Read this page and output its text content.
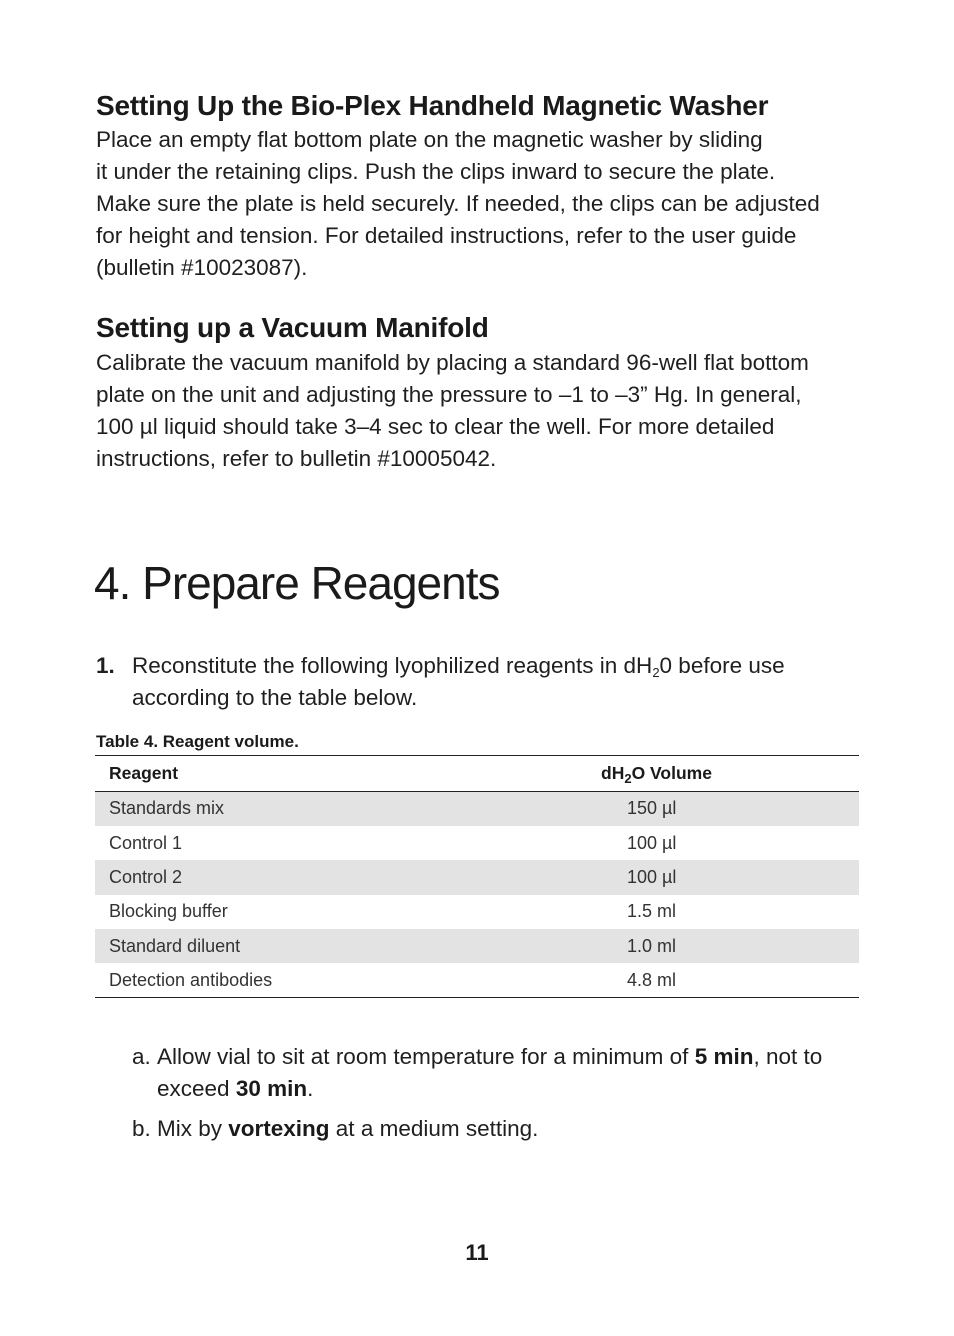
Setting Up the Bio-Plex Handheld Magnetic Washer

Place an empty flat bottom plate on the magnetic washer by sliding
it under the retaining clips. Push the clips inward to secure the plate.
Make sure the plate is held securely. If needed, the clips can be adjusted
for height and tension. For detailed instructions, refer to the user guide
(bulletin #10023087).

Setting up a Vacuum Manifold

Calibrate the vacuum manifold by placing a standard 96-well flat bottom
plate on the unit and adjusting the pressure to –1 to –3” Hg. In general,
100 µl liquid should take 3–4 sec to clear the well. For more detailed
instructions, refer to bulletin #10005042.

4. Prepare Reagents
1. Reconstitute the following lyophilized reagents in $dH_20$ before use
according to the table below.
Table 4. Reagent volume.
Reagent	$dH_2O$ Volume
Standards mix	150 µl
Control 1	100 µl
Control 2	100 µl
Blocking buffer	1.5 ml
Standard diluent	1.0 ml
Detection antibodies	4.8 ml
a. Allow vial to sit at room temperature for a minimum of 5 min, not to
exceed 30 min.
b. Mix by vortexing at a medium setting.
11
